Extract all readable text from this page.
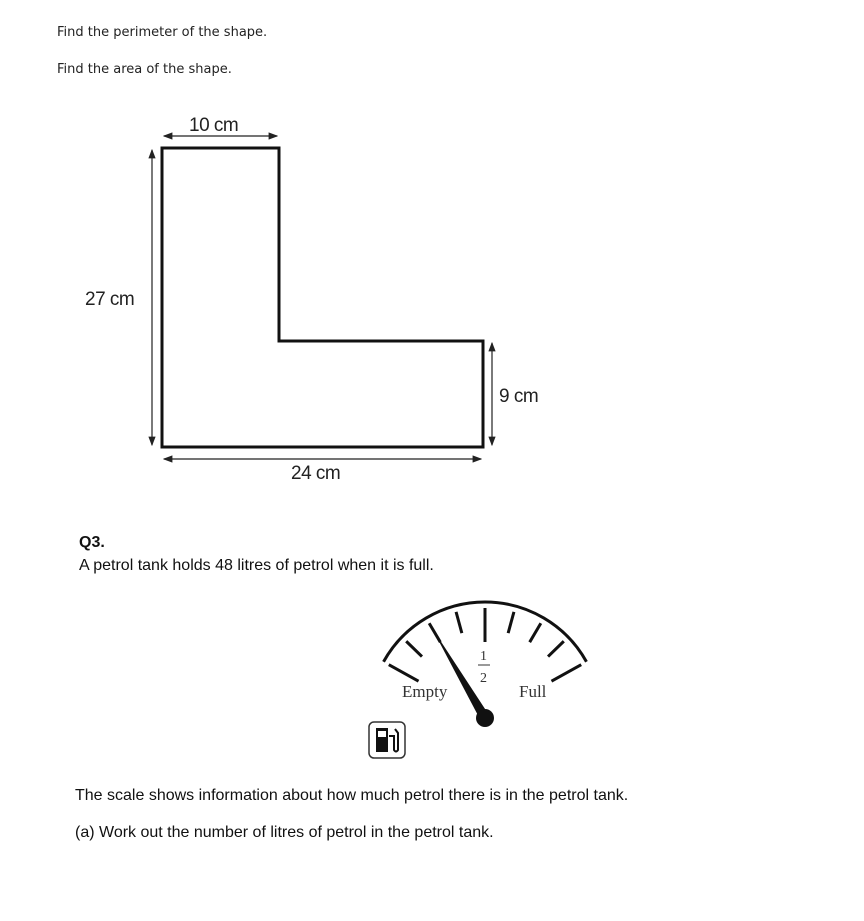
Find the perimeter of the shape.
Find the area of the shape.
10 cm
27 cm
9 cm
24 cm
Empty	Full
1
2
Q3.
A petrol tank holds 48 litres of petrol when it is full.
The scale shows information about how much petrol there is in the petrol tank.
(a) Work out the number of litres of petrol in the petrol tank.
